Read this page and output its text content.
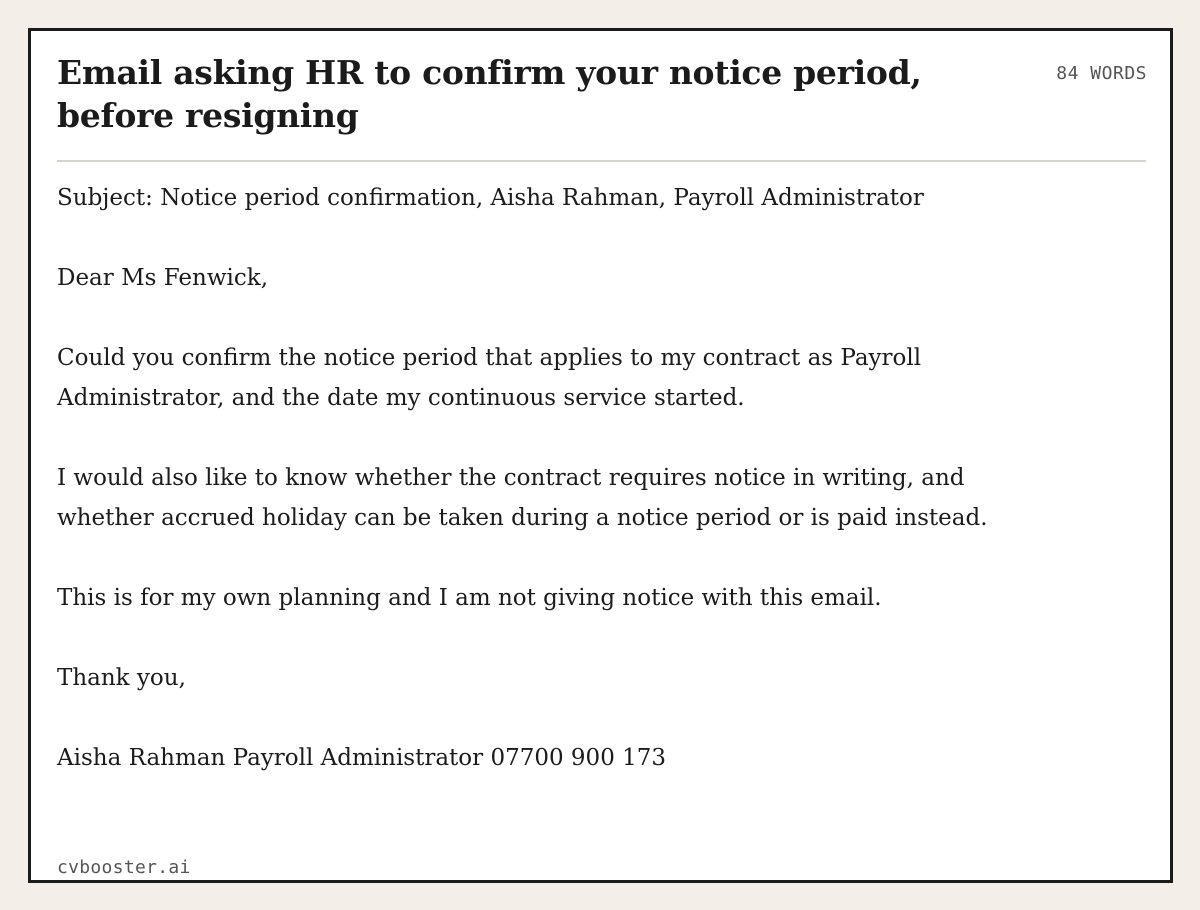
Email asking HR to confirm your notice period, before resigning
84 WORDS

Subject: Notice period confirmation, Aisha Rahman, Payroll Administrator

Dear Ms Fenwick,

Could you confirm the notice period that applies to my contract as Payroll Administrator, and the date my continuous service started.

I would also like to know whether the contract requires notice in writing, and whether accrued holiday can be taken during a notice period or is paid instead.

This is for my own planning and I am not giving notice with this email.

Thank you,

Aisha Rahman Payroll Administrator 07700 900 173

cvbooster.ai
